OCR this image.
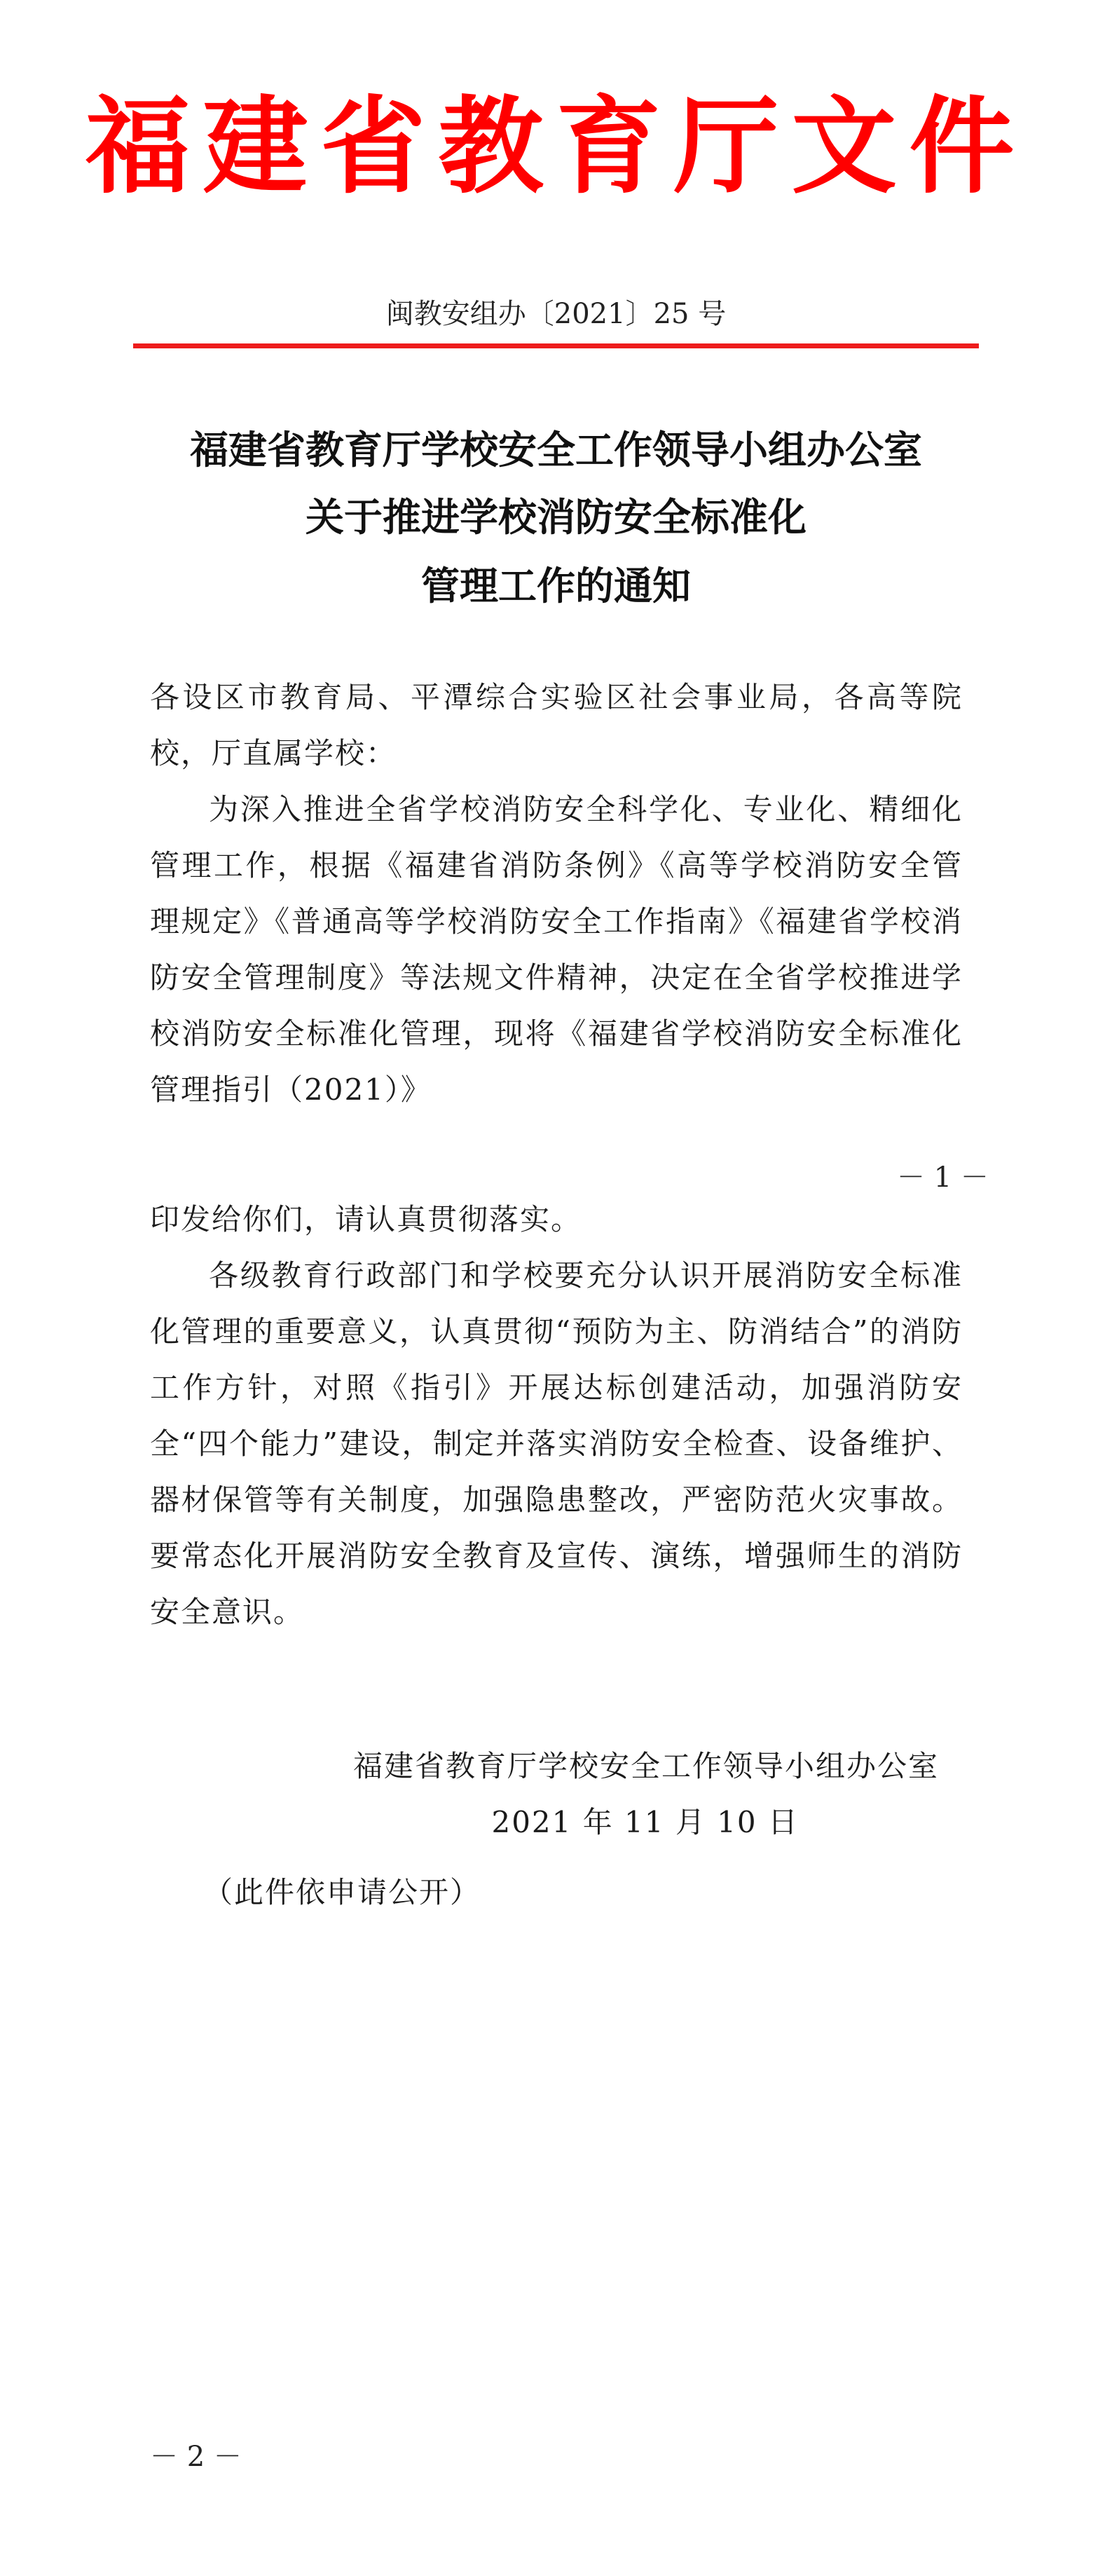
福建省教育厅文件
闽教安组办〔2021〕25 号
福建省教育厅学校安全工作领导小组办公室
关于推进学校消防安全标准化
管理工作的通知
各设区市教育局、平潭综合实验区社会事业局，各高等院校，厅直属学校：
为深入推进全省学校消防安全科学化、专业化、精细化管理工作，根据《福建省消防条例》《高等学校消防安全管理规定》《普通高等学校消防安全工作指南》《福建省学校消防安全管理制度》等法规文件精神，决定在全省学校推进学校消防安全标准化管理，现将《福建省学校消防安全标准化管理指引（2021）》
－ 1 －
印发给你们，请认真贯彻落实。
各级教育行政部门和学校要充分认识开展消防安全标准化管理的重要意义，认真贯彻“预防为主、防消结合”的消防工作方针，对照《指引》开展达标创建活动，加强消防安全“四个能力”建设，制定并落实消防安全检查、设备维护、器材保管等有关制度，加强隐患整改，严密防范火灾事故。要常态化开展消防安全教育及宣传、演练，增强师生的消防安全意识。
福建省教育厅学校安全工作领导小组办公室
2021 年 11 月 10 日
（此件依申请公开）
－ 2 －
